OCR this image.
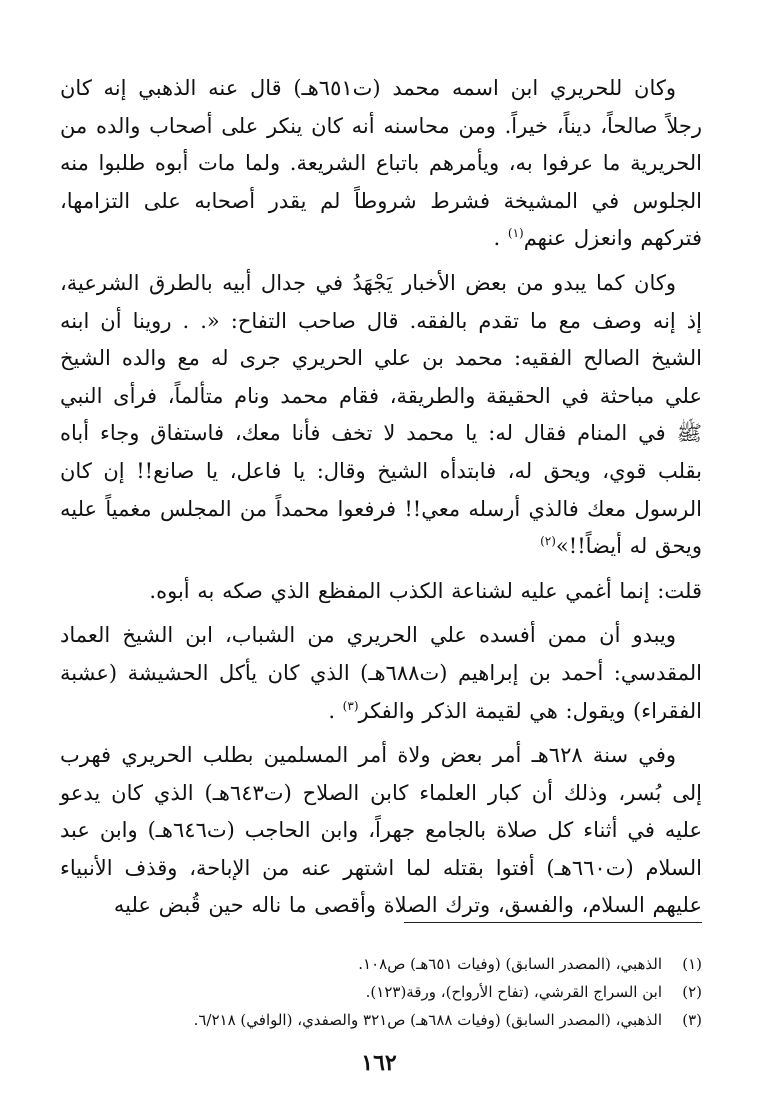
وكان للحريري ابن اسمه محمد (ت٦٥١هـ) قال عنه الذهبي إنه كان رجلاً صالحاً، ديناً، خيراً. ومن محاسنه أنه كان ينكر على أصحاب والده من الحريرية ما عرفوا به، ويأمرهم باتباع الشريعة. ولما مات أبوه طلبوا منه الجلوس في المشيخة فشرط شروطاً لم يقدر أصحابه على التزامها، فتركهم وانعزل عنهم$^{(١)}$ .

وكان كما يبدو من بعض الأخبار يَجْهَدُ في جدال أبيه بالطرق الشرعية، إذ إنه وصف مع ما تقدم بالفقه. قال صاحب التفاح: «. . روينا أن ابنه الشيخ الصالح الفقيه: محمد بن علي الحريري جرى له مع والده الشيخ علي مباحثة في الحقيقة والطريقة، فقام محمد ونام متألماً، فرأى النبي ﷺ في المنام فقال له: يا محمد لا تخف فأنا معك، فاستفاق وجاء أباه بقلب قوي، ويحق له، فابتدأه الشيخ وقال: يا فاعل، يا صانع!! إن كان الرسول معك فالذي أرسله معي!! فرفعوا محمداً من المجلس مغمياً عليه ويحق له أيضاً!!»$^{(٢)}$

قلت: إنما أغمي عليه لشناعة الكذب المفظع الذي صكه به أبوه.

ويبدو أن ممن أفسده علي الحريري من الشباب، ابن الشيخ العماد المقدسي: أحمد بن إبراهيم (ت٦٨٨هـ) الذي كان يأكل الحشيشة (عشبة الفقراء) ويقول: هي لقيمة الذكر والفكر$^{(٣)}$ .

وفي سنة ٦٢٨هـ أمر بعض ولاة أمر المسلمين بطلب الحريري فهرب إلى بُسر، وذلك أن كبار العلماء كابن الصلاح (ت٦٤٣هـ) الذي كان يدعو عليه في أثناء كل صلاة بالجامع جهراً، وابن الحاجب (ت٦٤٦هـ) وابن عبد السلام (ت٦٦٠هـ) أفتوا بقتله لما اشتهر عنه من الإباحة، وقذف الأنبياء عليهم السلام، والفسق، وترك الصلاة وأقصى ما ناله حين قُبض عليه

(١)
الذهبي، (المصدر السابق) (وفيات ٦٥١هـ) ص١٠٨.
(٢)
ابن السراج القرشي، (تفاح الأرواح)، ورقة(١٢٣).
(٣)
الذهبي، (المصدر السابق) (وفيات ٦٨٨هـ) ص٣٢١ والصفدي، (الوافي) ٦/٢١٨.
١٦٢
